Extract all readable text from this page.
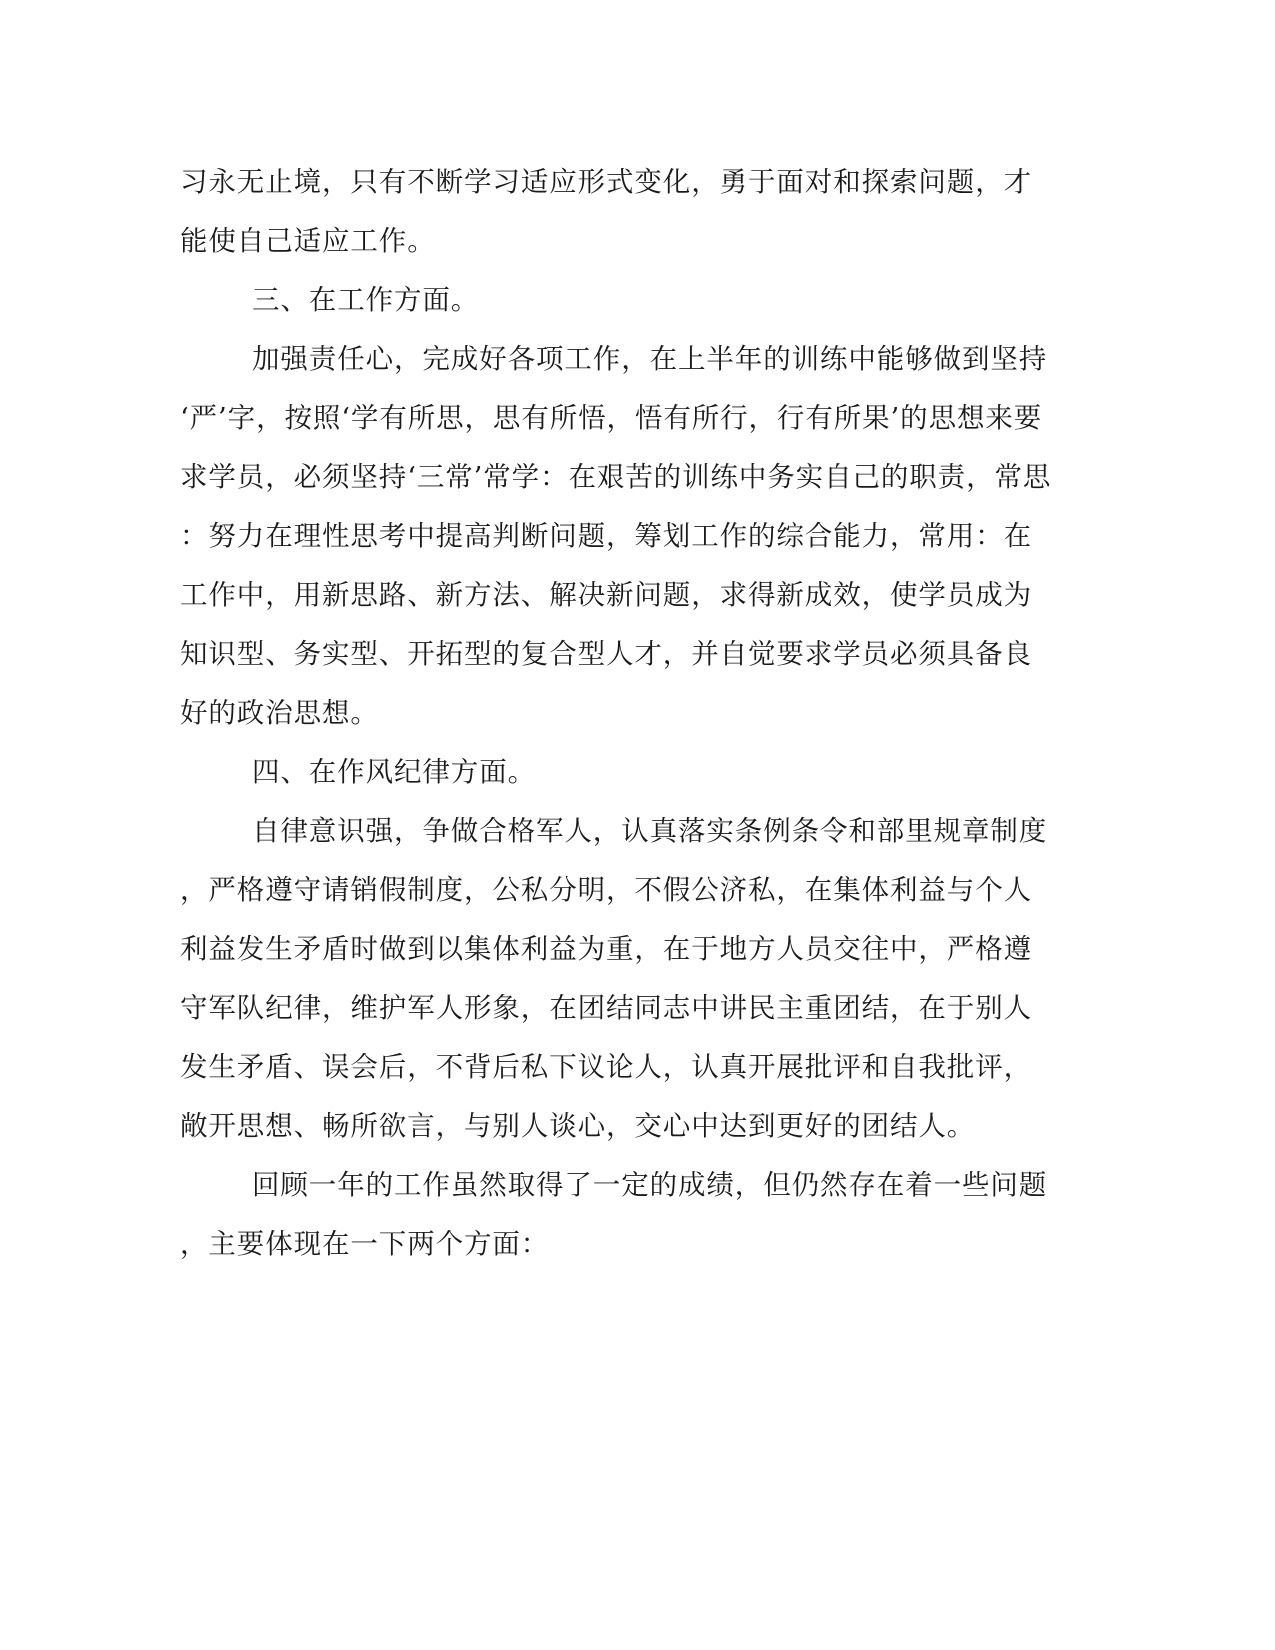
习永无止境，只有不断学习适应形式变化，勇于面对和探索问题，才
能使自己适应工作。
三、在工作方面。
加强责任心，完成好各项工作，在上半年的训练中能够做到坚持
‘严’字，按照‘学有所思，思有所悟，悟有所行，行有所果’的思想来要
求学员，必须坚持‘三常’常学：在艰苦的训练中务实自己的职责，常思
：努力在理性思考中提高判断问题，筹划工作的综合能力，常用：在
工作中，用新思路、新方法、解决新问题，求得新成效，使学员成为
知识型、务实型、开拓型的复合型人才，并自觉要求学员必须具备良
好的政治思想。
四、在作风纪律方面。
自律意识强，争做合格军人，认真落实条例条令和部里规章制度
，严格遵守请销假制度，公私分明，不假公济私，在集体利益与个人
利益发生矛盾时做到以集体利益为重，在于地方人员交往中，严格遵
守军队纪律，维护军人形象，在团结同志中讲民主重团结，在于别人
发生矛盾、误会后，不背后私下议论人，认真开展批评和自我批评，
敞开思想、畅所欲言，与别人谈心，交心中达到更好的团结人。
回顾一年的工作虽然取得了一定的成绩，但仍然存在着一些问题
，主要体现在一下两个方面：
